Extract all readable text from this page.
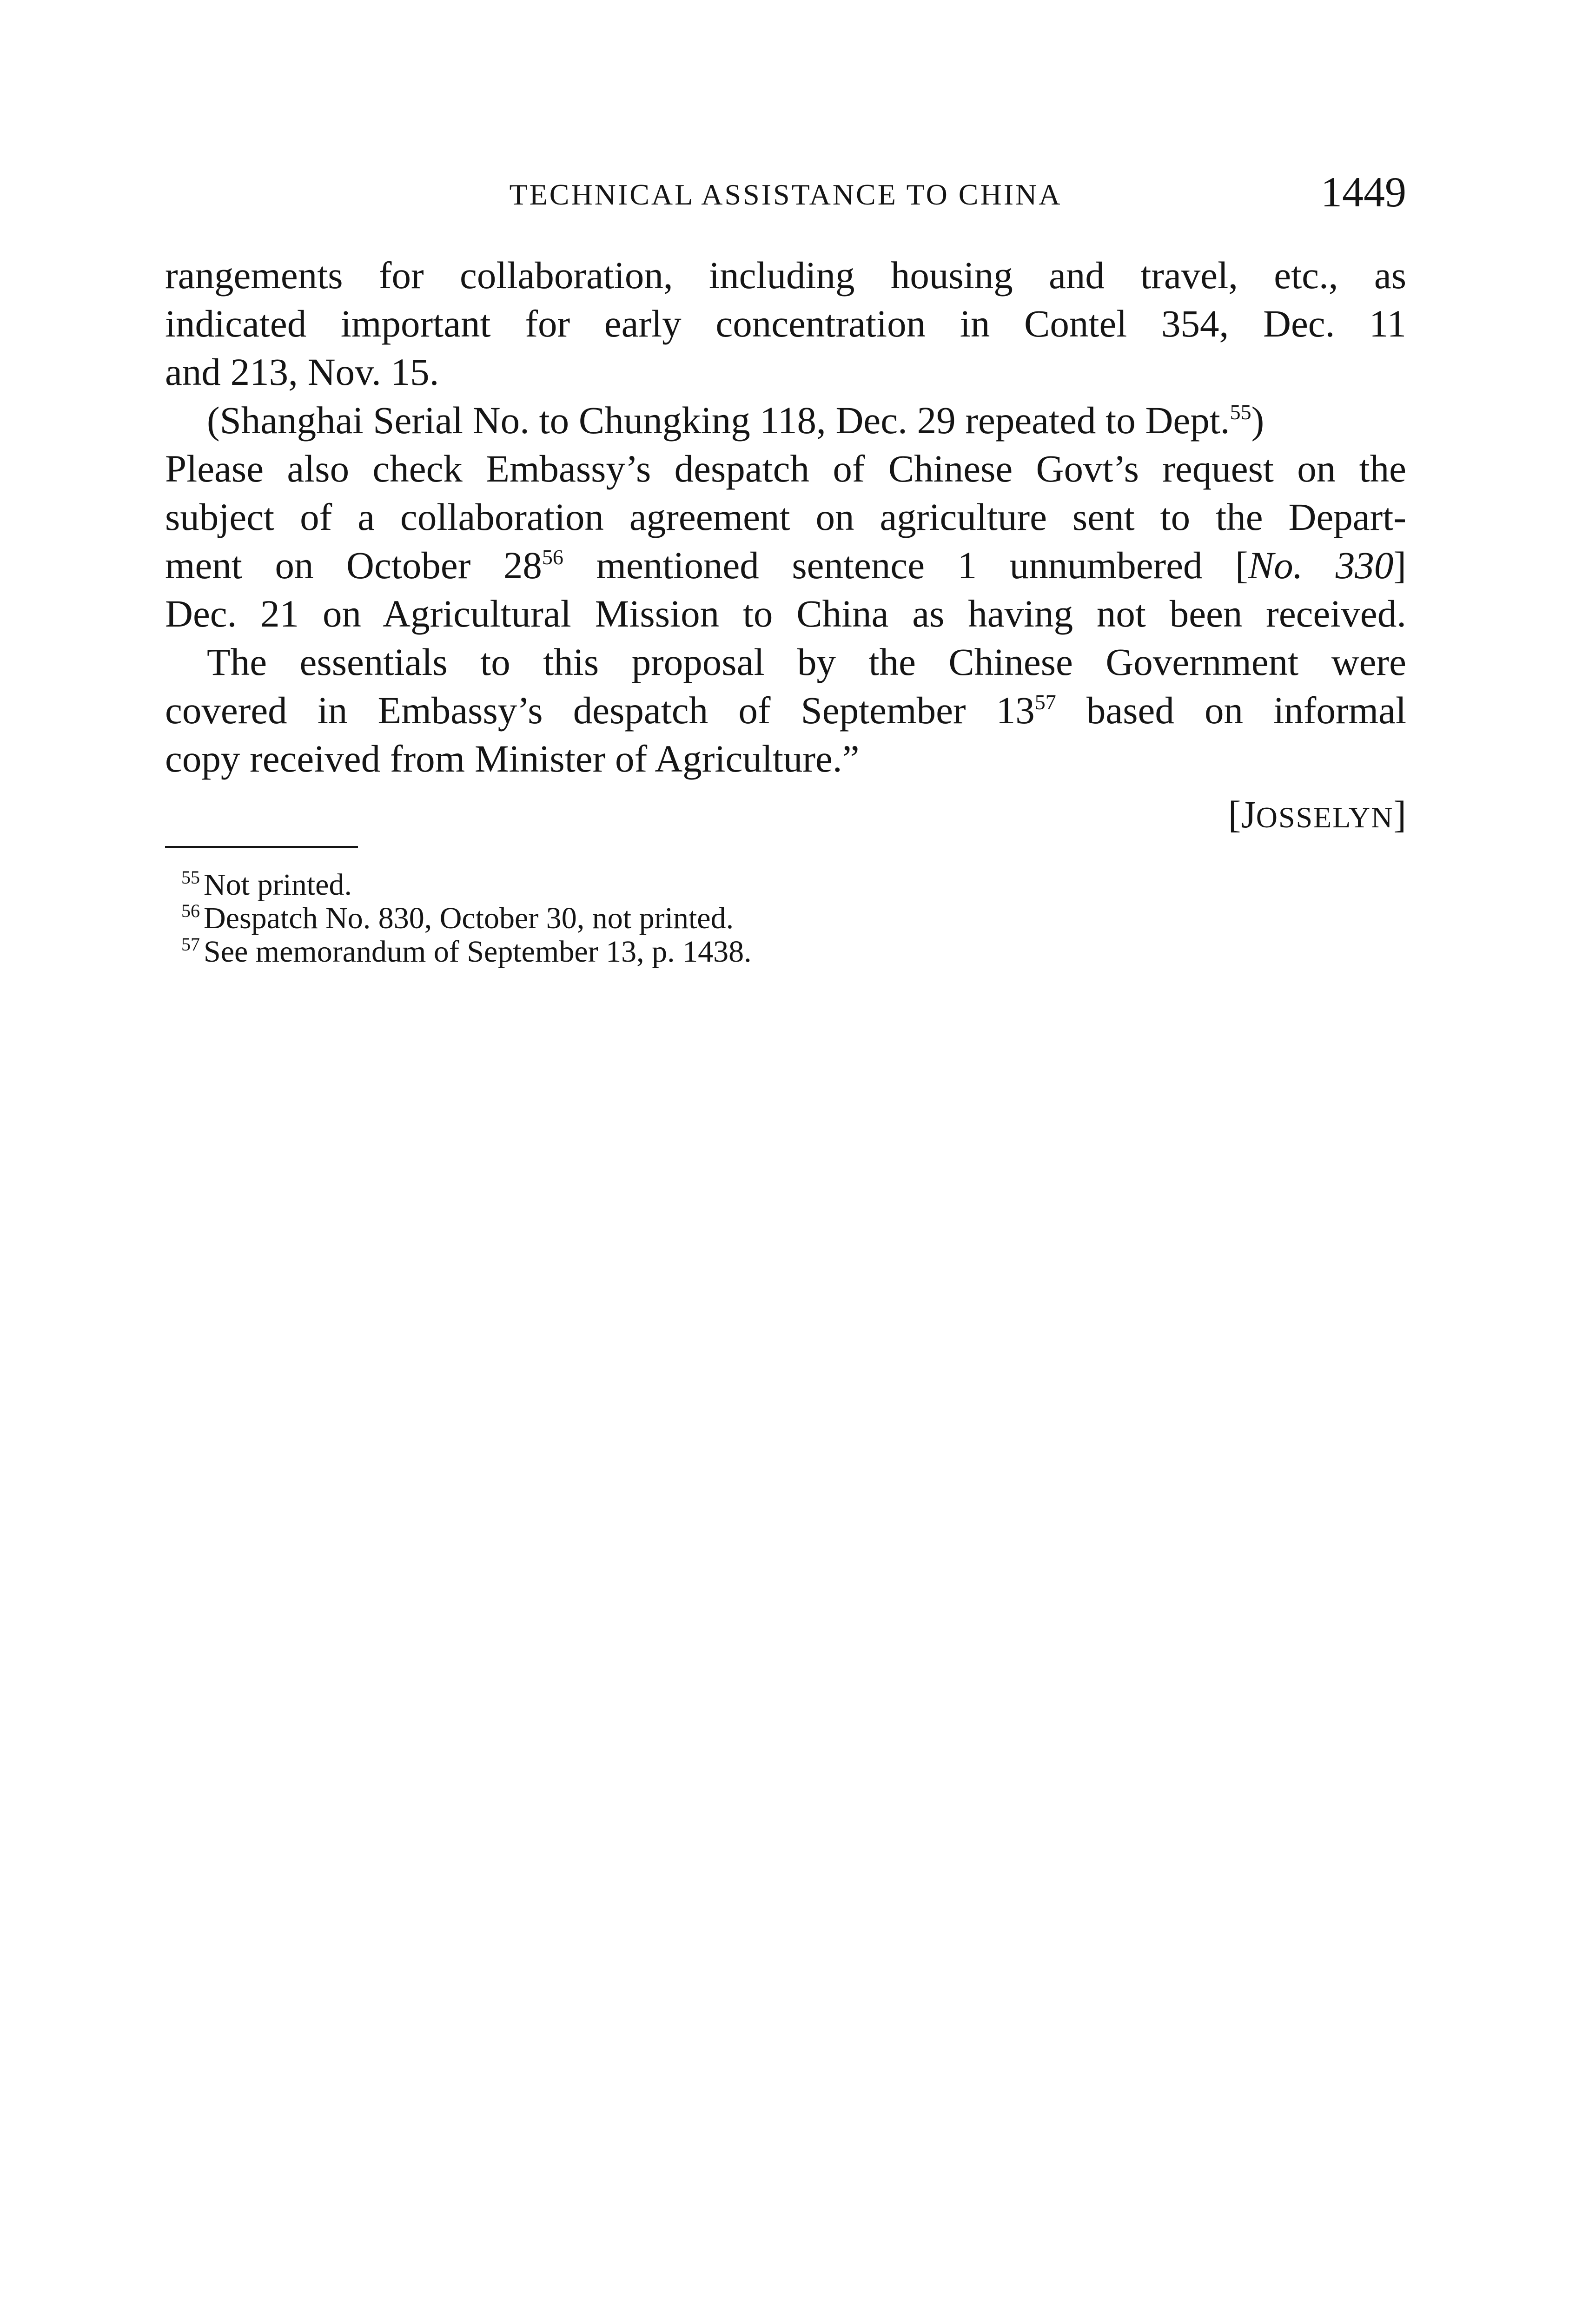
TECHNICAL ASSISTANCE TO CHINA	1449
rangements for collaboration, including housing and travel, etc., as
indicated important for early concentration in Contel 354, Dec. 11
and 213, Nov. 15.
(Shanghai Serial No. to Chungking 118, Dec. 29 repeated to Dept.$^{55}$)
Please also check Embassy’s despatch of Chinese Govt’s request on the
subject of a collaboration agreement on agriculture sent to the Depart-
ment on October $28^{56}$ mentioned sentence 1 unnumbered [No. 330]
Dec. 21 on Agricultural Mission to China as having not been received.
The essentials to this proposal by the Chinese Government were
covered in Embassy’s despatch of September $13^{57}$ based on informal
copy received from Minister of Agriculture.”
[JOSSELYN]
$^{55}$ Not printed.
$^{56}$ Despatch No. 830, October 30, not printed.
$^{57}$ See memorandum of September 13, p. 1438.
